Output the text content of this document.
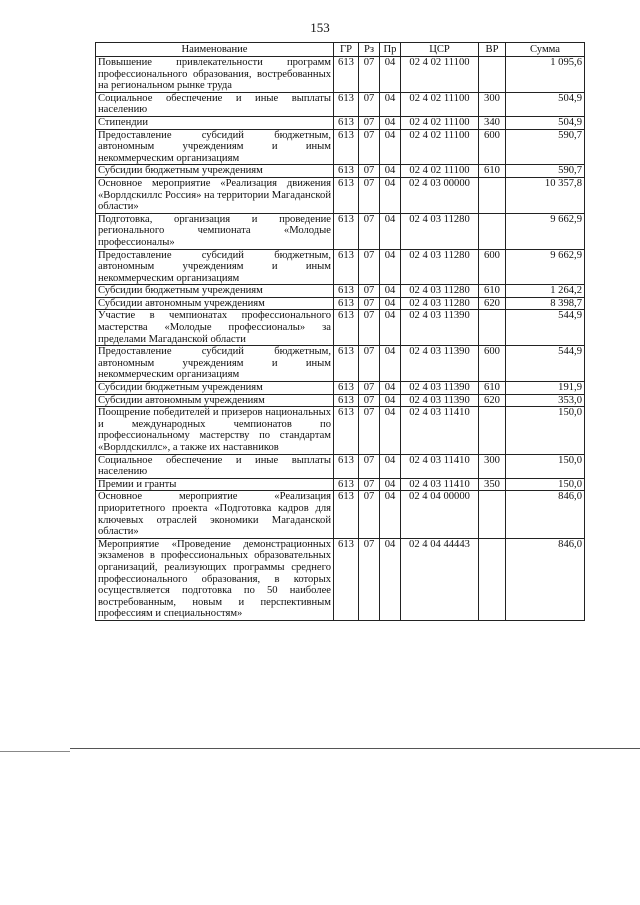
153
Наименование	ГР	Рз	Пр	ЦСР	ВР	Сумма
Повышение привлекательности программ профессионального образования, востребованных на региональном рынке труда	613	07	04	02 4 02 11100		1 095,6
Социальное обеспечение и иные выплаты населению	613	07	04	02 4 02 11100	300	504,9
Стипендии	613	07	04	02 4 02 11100	340	504,9
Предоставление субсидий бюджетным, автономным учреждениям и иным некоммерческим организациям	613	07	04	02 4 02 11100	600	590,7
Субсидии бюджетным учреждениям	613	07	04	02 4 02 11100	610	590,7
Основное мероприятие «Реализация движения «Ворлдскиллс Россия» на территории Магаданской области»	613	07	04	02 4 03 00000		10 357,8
Подготовка, организация и проведение регионального чемпионата «Молодые профессионалы»	613	07	04	02 4 03 11280		9 662,9
Предоставление субсидий бюджетным, автономным учреждениям и иным некоммерческим организациям	613	07	04	02 4 03 11280	600	9 662,9
Субсидии бюджетным учреждениям	613	07	04	02 4 03 11280	610	1 264,2
Субсидии автономным учреждениям	613	07	04	02 4 03 11280	620	8 398,7
Участие в чемпионатах профессионального мастерства «Молодые профессионалы» за пределами Магаданской области	613	07	04	02 4 03 11390		544,9
Предоставление субсидий бюджетным, автономным учреждениям и иным некоммерческим организациям	613	07	04	02 4 03 11390	600	544,9
Субсидии бюджетным учреждениям	613	07	04	02 4 03 11390	610	191,9
Субсидии автономным учреждениям	613	07	04	02 4 03 11390	620	353,0
Поощрение победителей и призеров национальных и международных чемпионатов по профессиональному мастерству по стандартам «Ворлдскиллс», а также их наставников	613	07	04	02 4 03 11410		150,0
Социальное обеспечение и иные выплаты населению	613	07	04	02 4 03 11410	300	150,0
Премии и гранты	613	07	04	02 4 03 11410	350	150,0
Основное мероприятие «Реализация приоритетного проекта «Подготовка кадров для ключевых отраслей экономики Магаданской области»	613	07	04	02 4 04 00000		846,0
Мероприятие «Проведение демонстрационных экзаменов в профессиональных образовательных организаций, реализующих программы среднего профессионального образования, в которых осуществляется подготовка по 50 наиболее востребованным, новым и перспективным профессиям и специальностям»	613	07	04	02 4 04 44443		846,0
